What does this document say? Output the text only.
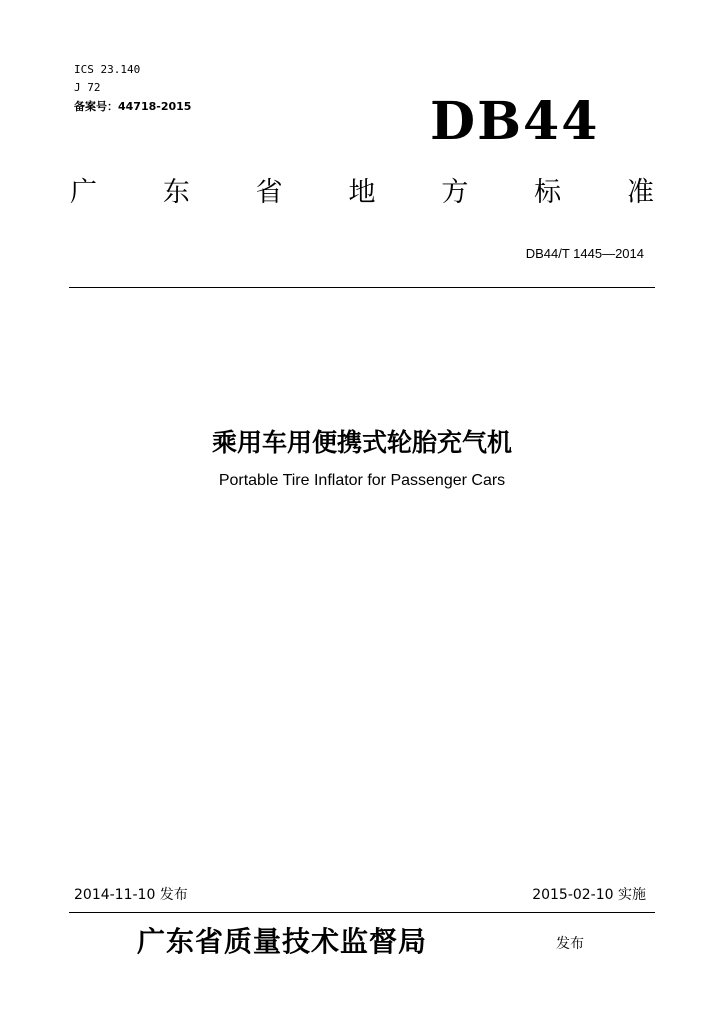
ICS 23.140
J 72
备案号：44718-2015	DB44
广 东 省 地 方 标 准
DB44/T 1445—2014
乘用车用便携式轮胎充气机
Portable Tire Inflator for Passenger Cars
2014-11-10 发布	2015-02-10 实施
广东省质量技术监督局	发布
